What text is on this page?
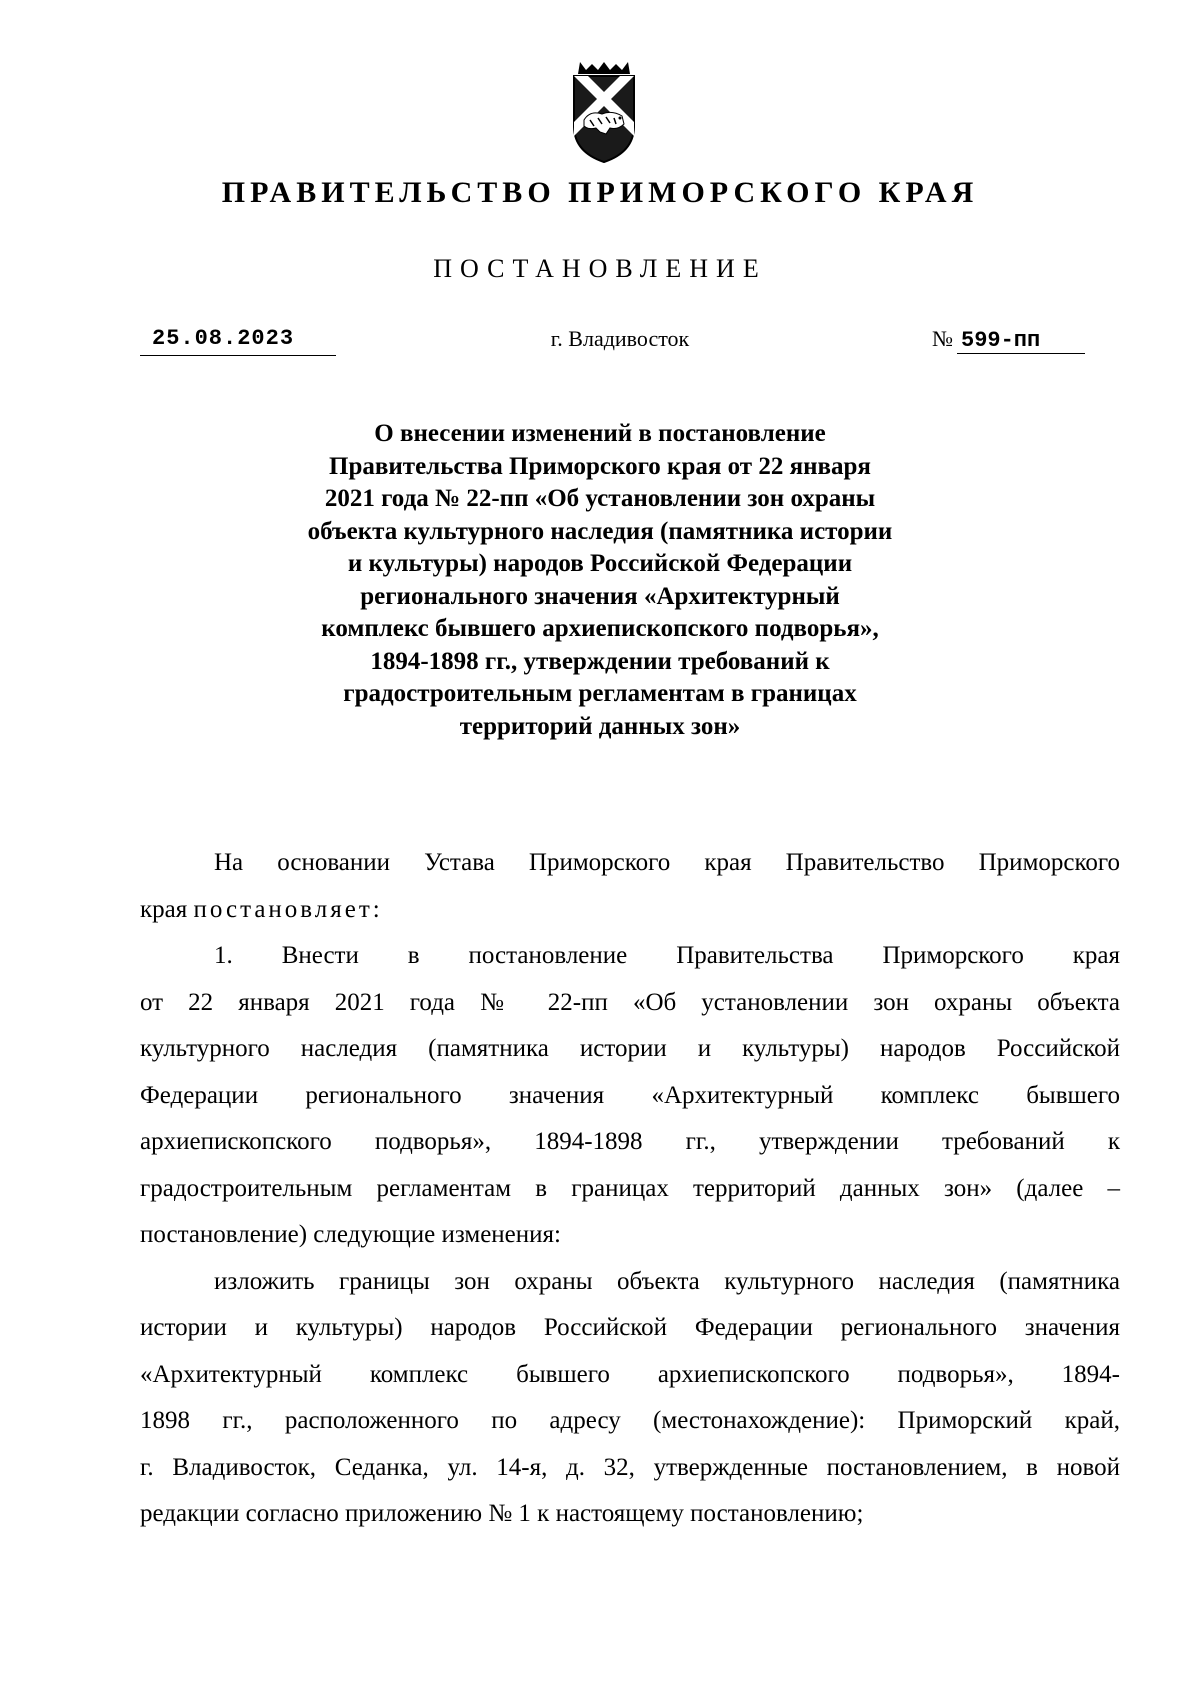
ПРАВИТЕЛЬСТВО ПРИМОРСКОГО КРАЯ
ПОСТАНОВЛЕНИЕ
25.08.2023	г. Владивосток	№ 599-пп
О внесении изменений в постановление
Правительства Приморского края от 22 января
2021 года № 22-пп «Об установлении зон охраны
объекта культурного наследия (памятника истории
и культуры) народов Российской Федерации
регионального значения «Архитектурный
комплекс бывшего архиепископского подворья»,
1894-1898 гг., утверждении требований к
градостроительным регламентам в границах
территорий данных зон»
На основании Устава Приморского края Правительство Приморского
края постановляет:
1. Внести в постановление Правительства Приморского края
от 22 января 2021 года № 22-пп «Об установлении зон охраны объекта
культурного наследия (памятника истории и культуры) народов Российской
Федерации регионального значения «Архитектурный комплекс бывшего
архиепископского подворья», 1894-1898 гг., утверждении требований к
градостроительным регламентам в границах территорий данных зон» (далее –
постановление) следующие изменения:
изложить границы зон охраны объекта культурного наследия (памятника
истории и культуры) народов Российской Федерации регионального значения
«Архитектурный комплекс бывшего архиепископского подворья», 1894-
1898 гг., расположенного по адресу (местонахождение): Приморский край,
г. Владивосток, Седанка, ул. 14-я, д. 32, утвержденные постановлением, в новой
редакции согласно приложению № 1 к настоящему постановлению;
